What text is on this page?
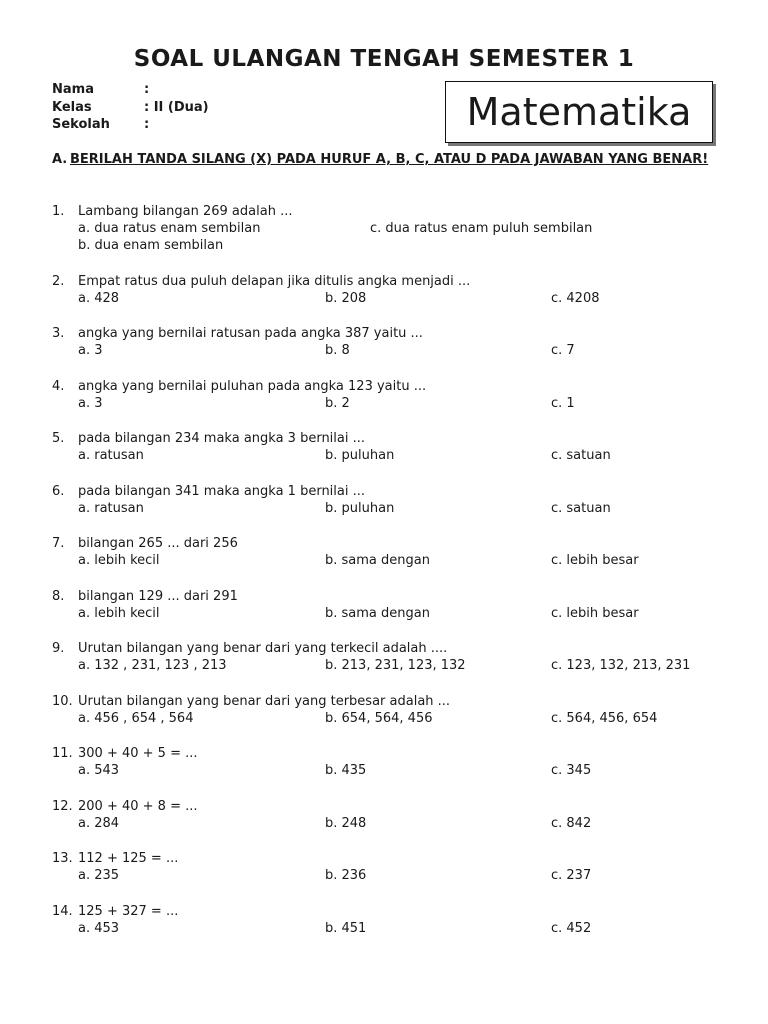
SOAL ULANGAN TENGAH SEMESTER 1
Nama	:
Kelas	: II (Dua)
Sekolah	:	Matematika
A. BERILAH TANDA SILANG (X) PADA HURUF A, B, C, ATAU D PADA JAWABAN YANG BENAR!
1.	Lambang bilangan 269 adalah ...
a. dua ratus enam sembilan	c. dua ratus enam puluh sembilan
b. dua enam sembilan
2.	Empat ratus dua puluh delapan jika ditulis angka menjadi ...
a. 428	b. 208	c. 4208
3.	angka yang bernilai ratusan pada angka 387 yaitu ...
a. 3	b. 8	c. 7
4.	angka yang bernilai puluhan pada angka 123 yaitu ...
a. 3	b. 2	c. 1
5.	pada bilangan 234 maka angka 3 bernilai ...
a. ratusan	b. puluhan	c. satuan
6.	pada bilangan 341 maka angka 1 bernilai ...
a. ratusan	b. puluhan	c. satuan
7.	bilangan 265 ... dari 256
a. lebih kecil	b. sama dengan	c. lebih besar
8.	bilangan 129 ... dari 291
a. lebih kecil	b. sama dengan	c. lebih besar
9.	Urutan bilangan yang benar dari yang terkecil adalah ....
a. 132 , 231, 123 , 213	b. 213, 231, 123, 132	c. 123, 132, 213, 231
10. Urutan bilangan yang benar dari yang terbesar adalah ...
a. 456 , 654 , 564	b. 654, 564, 456	c. 564, 456, 654
11. 300 + 40 + 5 = ...
a. 543	b. 435	c. 345
12. 200 + 40 + 8 = ...
a. 284	b. 248	c. 842
13. 112 + 125 = ...
a. 235	b. 236	c. 237
14. 125 + 327 = ...
a. 453	b. 451	c. 452
